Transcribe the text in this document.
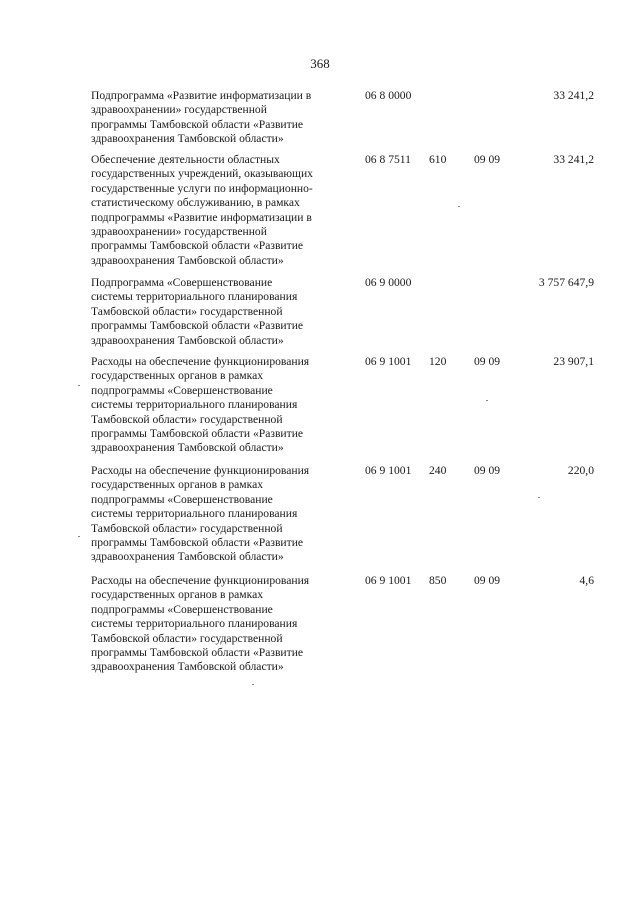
368
Подпрограмма «Развитие информатизации в
здравоохранении» государственной
программы Тамбовской области «Развитие
здравоохранения Тамбовской области»
06 8 0000	33 241,2
Обеспечение деятельности областных
государственных учреждений, оказывающих
государственные услуги по информационно-
статистическому обслуживанию, в рамках
подпрограммы «Развитие информатизации в
здравоохранении» государственной
программы Тамбовской области «Развитие
здравоохранения Тамбовской области»
06 8 7511 610 09 09	33 241,2
Подпрограмма «Совершенствование
системы территориального планирования
Тамбовской области» государственной
программы Тамбовской области «Развитие
здравоохранения Тамбовской области»
06 9 0000	3 757 647,9
Расходы на обеспечение функционирования
государственных органов в рамках
подпрограммы «Совершенствование
системы территориального планирования
Тамбовской области» государственной
программы Тамбовской области «Развитие
здравоохранения Тамбовской области»
06 9 1001 120 09 09	23 907,1
Расходы на обеспечение функционирования
государственных органов в рамках
подпрограммы «Совершенствование
системы территориального планирования
Тамбовской области» государственной
программы Тамбовской области «Развитие
здравоохранения Тамбовской области»
06 9 1001 240 09 09	220,0
Расходы на обеспечение функционирования
государственных органов в рамках
подпрограммы «Совершенствование
системы территориального планирования
Тамбовской области» государственной
программы Тамбовской области «Развитие
здравоохранения Тамбовской области»
06 9 1001 850 09 09	4,6
